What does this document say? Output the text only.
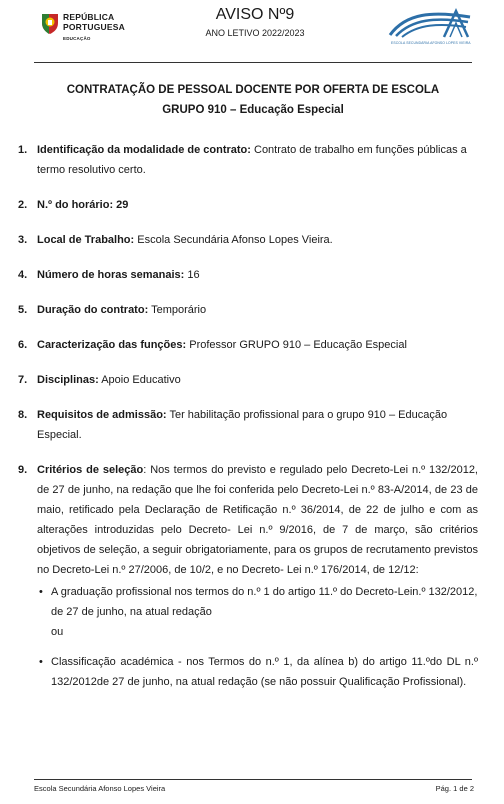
REPÚBLICA
PORTUGUESA
EDUCAÇÃO
AVISO Nº9
ANO LETIVO 2022/2023
ESCOLA SECUNDÁRIA AFONSO LOPES VIEIRA
CONTRATAÇÃO DE PESSOAL DOCENTE POR OFERTA DE ESCOLA
GRUPO 910 – Educação Especial
1. Identificação da modalidade de contrato: Contrato de trabalho em funções públicas a termo resolutivo certo.
2. N.º do horário: 29
3. Local de Trabalho: Escola Secundária Afonso Lopes Vieira.
4. Número de horas semanais: 16
5. Duração do contrato: Temporário
6. Caracterização das funções: Professor GRUPO 910 – Educação Especial
7. Disciplinas: Apoio Educativo
8. Requisitos de admissão: Ter habilitação profissional para o grupo 910 – Educação Especial.
9. Critérios de seleção: Nos termos do previsto e regulado pelo Decreto-Lei n.º 132/2012, de 27 de junho, na redação que lhe foi conferida pelo Decreto-Lei n.º 83-A/2014, de 23 de maio, retificado pela Declaração de Retificação n.º 36/2014, de 22 de julho e com as alterações introduzidas pelo Decreto- Lei n.º 9/2016, de 7 de março, são critérios objetivos de seleção, a seguir obrigatoriamente, para os grupos de recrutamento previstos no Decreto-Lei n.º 27/2006, de 10/2, e no Decreto- Lei n.º 176/2014, de 12/12:
• A graduação profissional nos termos do n.º 1 do artigo 11.º do Decreto-Lein.º 132/2012, de 27 de junho, na atual redação
ou
• Classificação académica - nos Termos do n.º 1, da alínea b) do artigo 11.ºdo DL n.º 132/2012de 27 de junho, na atual redação (se não possuir Qualificação Profissional).
Escola Secundária Afonso Lopes Vieira	Pág. 1 de 2
